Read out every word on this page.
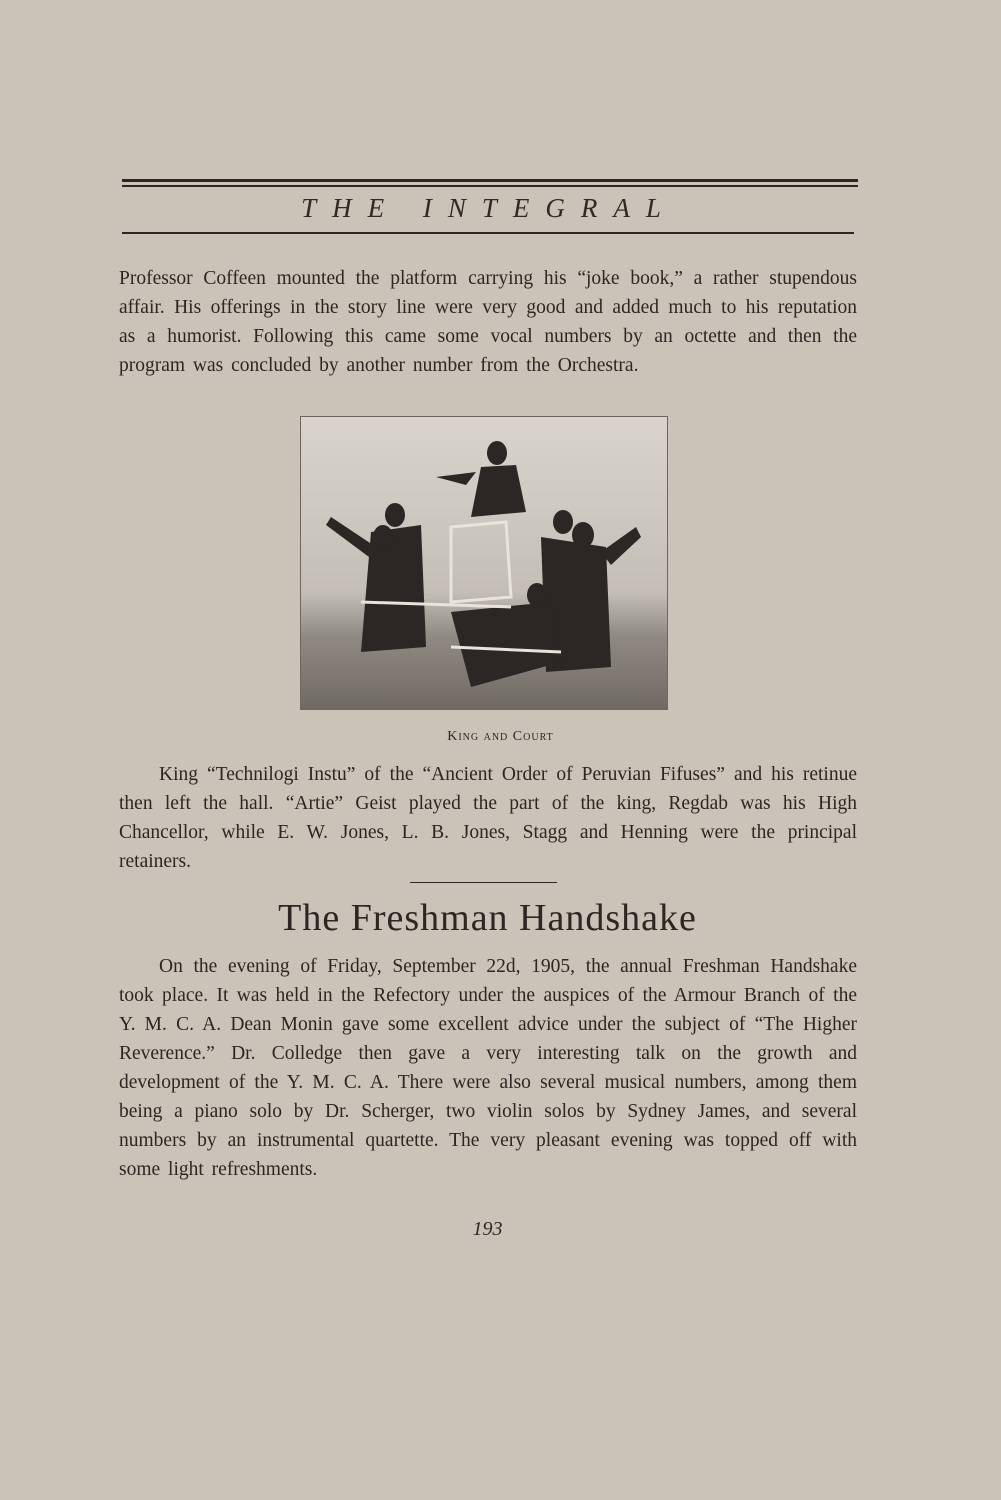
THE INTEGRAL

Professor Coffeen mounted the platform carrying his “joke book,” a rather stupendous affair. His offerings in the story line were very good and added much to his reputation as a humorist. Following this came some vocal numbers by an octette and then the program was concluded by another number from the Orchestra.

King and Court

King “Technilogi Instu” of the “Ancient Order of Peruvian Fifuses” and his retinue then left the hall. “Artie” Geist played the part of the king, Regdab was his High Chancellor, while E. W. Jones, L. B. Jones, Stagg and Henning were the principal retainers.

The Freshman Handshake

On the evening of Friday, September 22d, 1905, the annual Freshman Handshake took place. It was held in the Refectory under the auspices of the Armour Branch of the Y. M. C. A. Dean Monin gave some excellent advice under the subject of “The Higher Reverence.” Dr. Colledge then gave a very interesting talk on the growth and development of the Y. M. C. A. There were also several musical numbers, among them being a piano solo by Dr. Scherger, two violin solos by Sydney James, and several numbers by an instrumental quartette. The very pleasant evening was topped off with some light refreshments.

193
